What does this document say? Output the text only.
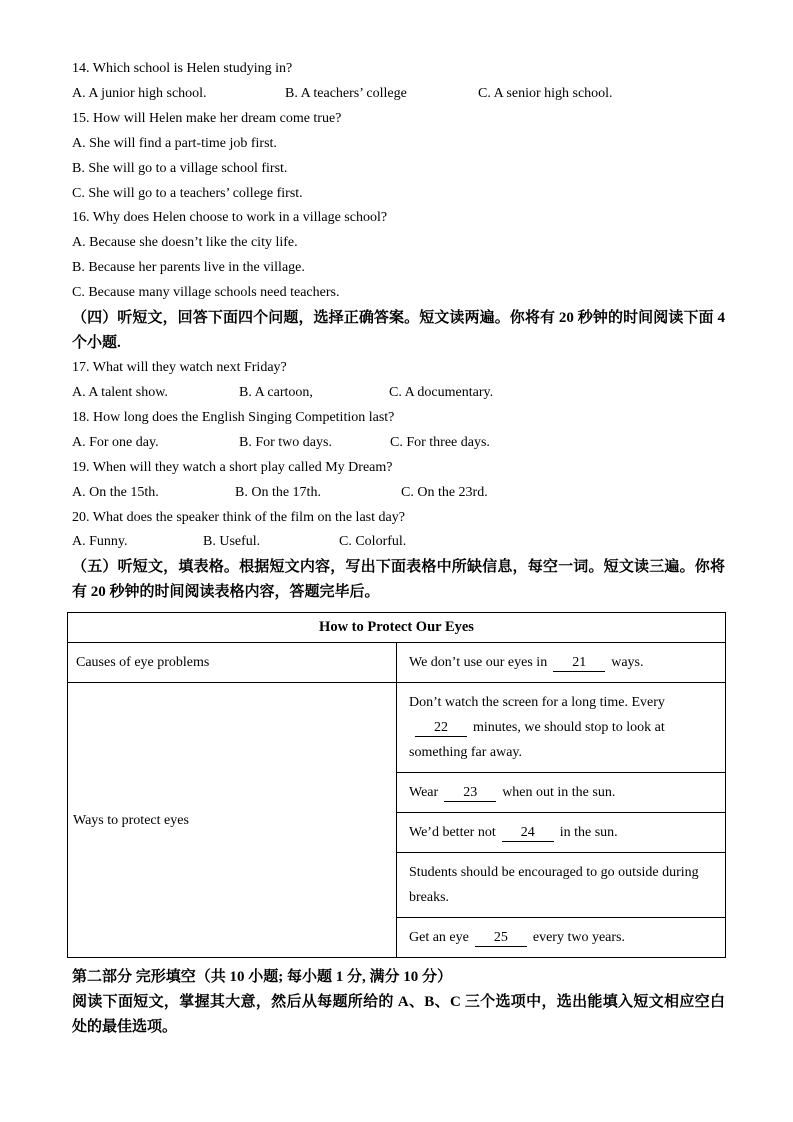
14. Which school is Helen studying in?
A. A junior high school.	B. A teachers’ college	C. A senior high school.
15. How will Helen make her dream come true?
A. She will find a part-time job first.
B. She will go to a village school first.
C. She will go to a teachers’ college first.
16. Why does Helen choose to work in a village school?
A. Because she doesn’t like the city life.
B. Because her parents live in the village.
C. Because many village schools need teachers.

（四）听短文，回答下面四个问题，选择正确答案。短文读两遍。你将有 20 秒钟的时间阅读下面 4 个小题.

17. What will they watch next Friday?
A. A talent show.	B. A cartoon,	C. A documentary.
18. How long does the English Singing Competition last?
A. For one day.	B. For two days.	C. For three days.
19. When will they watch a short play called My Dream?
A. On the 15th.	B. On the 17th.	C. On the 23rd.
20. What does the speaker think of the film on the last day?
A. Funny.	B. Useful.	C. Colorful.

（五）听短文，填表格。根据短文内容，写出下面表格中所缺信息，每空一词。短文读三遍。你将有 20 秒钟的时间阅读表格内容，答题完毕后。

How to Protect Our Eyes	
Causes of eye problems	We don’t use our eyes in 21 ways.
Ways to protect eyes	Don’t watch the screen for a long time. Every22 minutes, we should stop to look at something far away.
	Wear 23 when out in the sun.
	We’d better not 24 in the sun.
	Students should be encouraged to go outside during breaks.
	Get an eye 25 every two years.

第二部分 完形填空（共 10 小题; 每小题 1 分, 满分 10 分）

阅读下面短文，掌握其大意，然后从每题所给的 A、B、C 三个选项中，选出能填入短文相应空白处的最佳选项。
